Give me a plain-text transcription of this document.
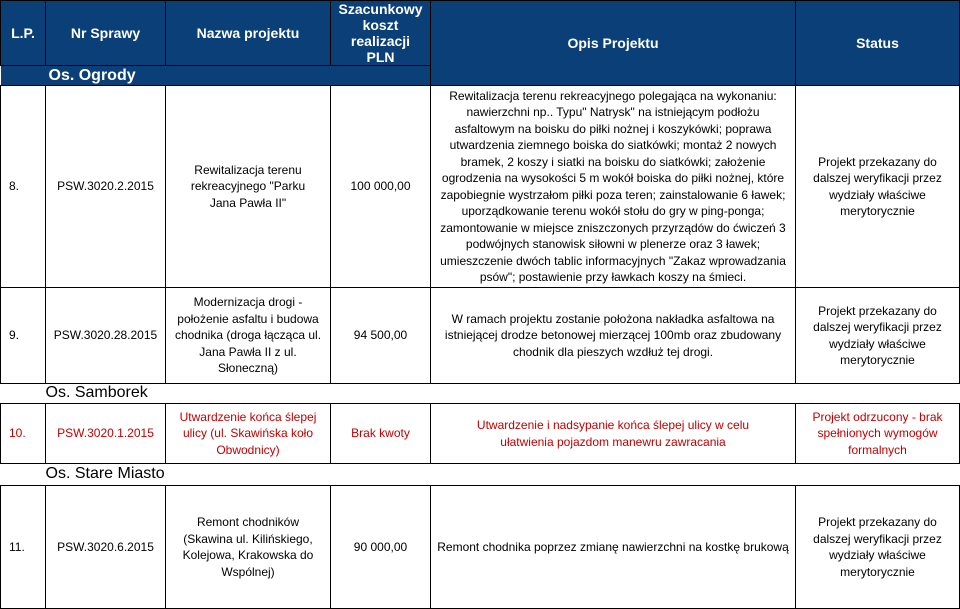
L.P.	Nr Sprawy	Nazwa projektu	Szacunkowy
koszt realizacji
PLN	Opis Projektu	Status
Os. Ogrody					
8.	PSW.3020.2.2015	Rewitalizacja terenu rekreacyjnego "Parku Jana Pawła II"	100 000,00	Rewitalizacja terenu rekreacyjnego polegająca na wykonaniu: nawierzchni np.. Typu" Natrysk" na istniejącym podłożu asfaltowym na boisku do piłki nożnej i koszykówki; poprawa utwardzenia ziemnego boiska do siatkówki; montaż 2 nowych bramek, 2 koszy i siatki na boisku do siatkówki; założenie ogrodzenia na wysokości 5 m wokół boiska do piłki nożnej, które zapobiegnie wystrzałom piłki poza teren; zainstalowanie 6 ławek; uporządkowanie terenu wokół stołu do gry w ping-ponga; zamontowanie w miejsce zniszczonych przyrządów do ćwiczeń 3 podwójnych stanowisk siłowni w plenerze oraz 3 ławek; umieszczenie dwóch tablic informacyjnych "Zakaz wprowadzania psów"; postawienie przy ławkach koszy na śmieci.	Projekt przekazany do dalszej weryfikacji przez wydziały właściwe merytorycznie
9.	PSW.3020.28.2015	Modernizacja drogi - położenie asfaltu i budowa chodnika (droga łącząca ul. Jana Pawła II z ul. Słoneczną)	94 500,00	W ramach projektu zostanie położona nakładka asfaltowa na istniejącej drodze betonowej mierzącej 100mb oraz zbudowany chodnik dla pieszych wzdłuż tej drogi.	Projekt przekazany do dalszej weryfikacji przez wydziały właściwe merytorycznie
Os. Samborek					
10.	PSW.3020.1.2015	Utwardzenie końca ślepej ulicy (ul. Skawińska koło Obwodnicy)	Brak kwoty	Utwardzenie i nadsypanie końca ślepej ulicy w celu ułatwienia pojazdom manewru zawracania	Projekt odrzucony - brak spełnionych wymogów formalnych
Os. Stare Miasto					
11.	PSW.3020.6.2015	Remont chodników (Skawina ul. Kilińskiego, Kolejowa, Krakowska do Wspólnej)	90 000,00	Remont chodnika poprzez zmianę nawierzchni na kostkę brukową	Projekt przekazany do dalszej weryfikacji przez wydziały właściwe merytorycznie
